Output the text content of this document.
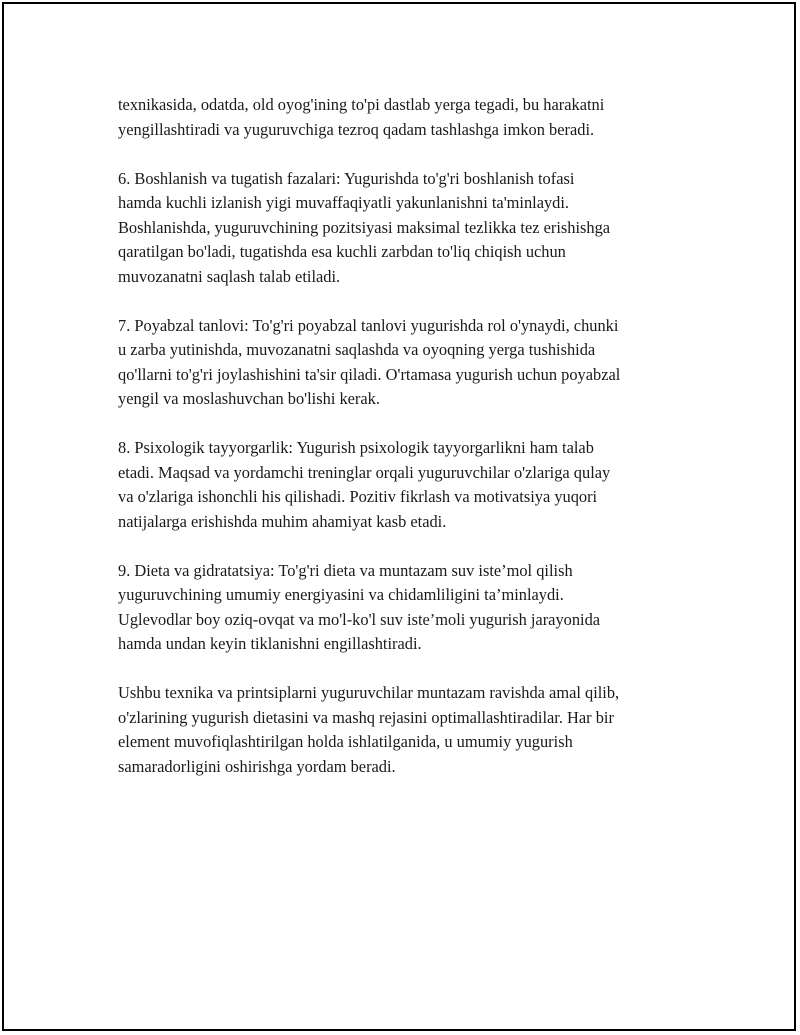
texnikasida, odatda, old oyog'ining to'pi dastlab yerga tegadi, bu harakatni
yengillashtiradi va yuguruvchiga tezroq qadam tashlashga imkon beradi.

6. Boshlanish va tugatish fazalari: Yugurishda to'g'ri boshlanish tofasi
hamda kuchli izlanish yigi muvaffaqiyatli yakunlanishni ta'minlaydi.
Boshlanishda, yuguruvchining pozitsiyasi maksimal tezlikka tez erishishga
qaratilgan bo'ladi, tugatishda esa kuchli zarbdan to'liq chiqish uchun
muvozanatni saqlash talab etiladi.

7. Poyabzal tanlovi: To'g'ri poyabzal tanlovi yugurishda rol o'ynaydi, chunki
u zarba yutinishda, muvozanatni saqlashda va oyoqning yerga tushishida
qo'llarni to'g'ri joylashishini ta'sir qiladi. O'rtamasa yugurish uchun poyabzal
yengil va moslashuvchan bo'lishi kerak.

8. Psixologik tayyorgarlik: Yugurish psixologik tayyorgarlikni ham talab
etadi. Maqsad va yordamchi treninglar orqali yuguruvchilar o'zlariga qulay
va o'zlariga ishonchli his qilishadi. Pozitiv fikrlash va motivatsiya yuqori
natijalarga erishishda muhim ahamiyat kasb etadi.

9. Dieta va gidratatsiya: To'g'ri dieta va muntazam suv iste’mol qilish
yuguruvchining umumiy energiyasini va chidamliligini ta’minlaydi.
Uglevodlar boy oziq-ovqat va mo'l-ko'l suv iste’moli yugurish jarayonida
hamda undan keyin tiklanishni engillashtiradi.

Ushbu texnika va printsiplarni yuguruvchilar muntazam ravishda amal qilib,
o'zlarining yugurish dietasini va mashq rejasini optimallashtiradilar. Har bir
element muvofiqlashtirilgan holda ishlatilganida, u umumiy yugurish
samaradorligini oshirishga yordam beradi.
